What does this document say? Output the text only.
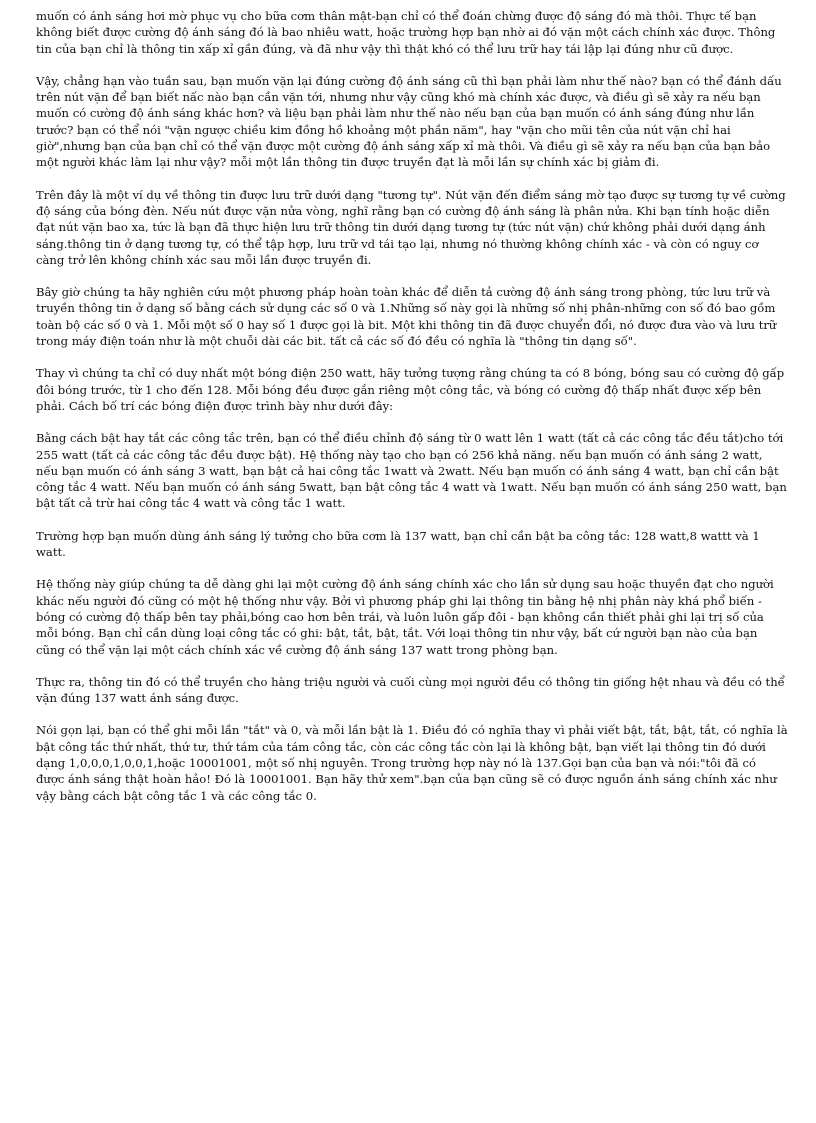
muốn có ánh sáng hơi mờ phục vụ cho bữa cơm thân mật-bạn chỉ có thể đoán chừng được độ sáng đó mà thôi. Thực tế bạn không biết được cường độ ánh sáng đó là bao nhiêu watt, hoặc trường hợp bạn nhờ ai đó vặn một cách chính xác được. Thông tin của bạn chỉ là thông tin xấp xỉ gần đúng, và đã như vậy thì thật khó có thể lưu trữ hay tái lập lại đúng như cũ được.

Vậy, chẳng hạn vào tuần sau, bạn muốn vặn lại đúng cường độ ánh sáng cũ thì bạn phải làm như thế nào? bạn có thể đánh dấu trên nút vặn để bạn biết nấc nào bạn cần vặn tới, nhưng như vậy cũng khó mà chính xác được, và điều gì sẽ xảy ra nếu bạn muốn có cường độ ánh sáng khác hơn? và liệu bạn phải làm như thế nào nếu bạn của bạn muốn có ánh sáng đúng như lần trước? bạn có thể nói "vặn ngược chiều kim đồng hồ khoảng một phần năm", hay "vặn cho mũi tên của nút vặn chỉ hai giờ",nhưng bạn của bạn chỉ có thể vặn được một cường độ ánh sáng xấp xỉ mà thôi. Và điều gì sẽ xảy ra nếu bạn của bạn bảo một người khác làm lại như vậy? mỗi một lần thông tin được truyền đạt là mỗi lần sự chính xác bị giảm đi.

Trên đây là một ví dụ về thông tin được lưu trữ dưới dạng "tương tự". Nút vặn đến điểm sáng mờ tạo được sự tương tự về cường độ sáng của bóng đèn. Nếu nút được vặn nửa vòng, nghĩ rằng bạn có cường độ ánh sáng là phân nửa. Khi bạn tính hoặc diễn đạt nút vặn bao xa, tức là bạn đã thực hiện lưu trữ thông tin dưới dạng tương tự (tức nút vặn) chứ không phải dưới dạng ánh sáng.thông tin ở dạng tương tự, có thể tập hợp, lưu trữ vd tái tạo lại, nhưng nó thường không chính xác - và còn có nguy cơ càng trở lên không chính xác sau mỗi lần được truyền đi.

Bây giờ chúng ta hãy nghiên cứu một phương pháp hoàn toàn khác để diễn tả cường độ ánh sáng trong phòng, tức lưu trữ và truyền thông tin ở dạng số bằng cách sử dụng các số 0 và 1.Những số này gọi là những số nhị phân-những con số đó bao gồm toàn bộ các số 0 và 1. Mỗi một số 0 hay số 1 được gọi là bit. Một khi thông tin đã được chuyển đổi, nó được đưa vào và lưu trữ trong máy điện toán như là một chuỗi dài các bit. tất cả các số đó đều có nghĩa là "thông tin dạng số".

Thay vì chúng ta chỉ có duy nhất một bóng điện 250 watt, hãy tưởng tượng rằng chúng ta có 8 bóng, bóng sau có cường độ gấp đôi bóng trước, từ 1 cho đến 128. Mỗi bóng đều được gắn riêng một công tắc, và bóng có cường độ thấp nhất được xếp bên phải. Cách bố trí các bóng điện được trình bày như dưới đây:

Bằng cách bật hay tắt các công tắc trên, bạn có thể điều chỉnh độ sáng từ 0 watt lên 1 watt (tất cả các công tắc đều tắt)cho tới 255 watt (tất cả các công tắc đều được bật). Hệ thống này tạo cho bạn có 256 khả năng. nếu bạn muốn có ánh sáng 2 watt, nếu bạn muốn có ánh sáng 3 watt, bạn bật cả hai công tắc 1watt và 2watt. Nếu bạn muốn có ánh sáng 4 watt, bạn chỉ cần bật công tắc 4 watt. Nếu bạn muốn có ánh sáng 5watt, bạn bật công tắc 4 watt và 1watt. Nếu bạn muốn có ánh sáng 250 watt, bạn bật tất cả trừ hai công tắc 4 watt và công tắc 1 watt.

Trường hợp bạn muốn dùng ánh sáng lý tưởng cho bữa cơm là 137 watt, bạn chỉ cần bật ba công tắc: 128 watt,8 wattt và 1 watt.

Hệ thống này giúp chúng ta dễ dàng ghi lại một cường độ ánh sáng chính xác cho lần sử dụng sau hoặc thuyền đạt cho người khác nếu người đó cũng có một hệ thống như vậy. Bởi vì phương pháp ghi lại thông tin bằng hệ nhị phân này khá phổ biến - bóng có cường độ thấp bên tay phải,bóng cao hơn bên trái, và luôn luôn gấp đôi - bạn không cần thiết phải ghi lại trị số của mỗi bóng. Bạn chỉ cần dùng loại công tắc có ghi: bật, tắt, bật, tắt. Với loại thông tin như vậy, bất cứ người bạn nào của bạn cũng có thể vặn lại một cách chính xác về cường độ ánh sáng 137 watt trong phòng bạn.

Thực ra, thông tin đó có thể truyền cho hàng triệu người và cuối cùng mọi người đều có thông tin giống hệt nhau và đều có thể vặn đúng 137 watt ánh sáng được.

Nói gọn lại, bạn có thể ghi mỗi lần "tắt" và 0, và mỗi lần bật là 1. Điều đó có nghĩa thay vì phải viết bật, tắt, bật, tắt, có nghĩa là bật công tắc thứ nhất, thứ tư, thứ tám của tám công tắc, còn các công tắc còn lại là không bật, bạn viết lại thông tin đó dưới dạng 1,0,0,0,1,0,0,1,hoặc 10001001, một số nhị nguyên. Trong trường hợp này nó là 137.Gọi bạn của bạn và nói:"tôi đã có được ánh sáng thật hoàn hảo! Đó là 10001001. Bạn hãy thử xem".bạn của bạn cũng sẽ có được nguồn ánh sáng chính xác như vậy bằng cách bật công tắc 1 và các công tắc 0.
